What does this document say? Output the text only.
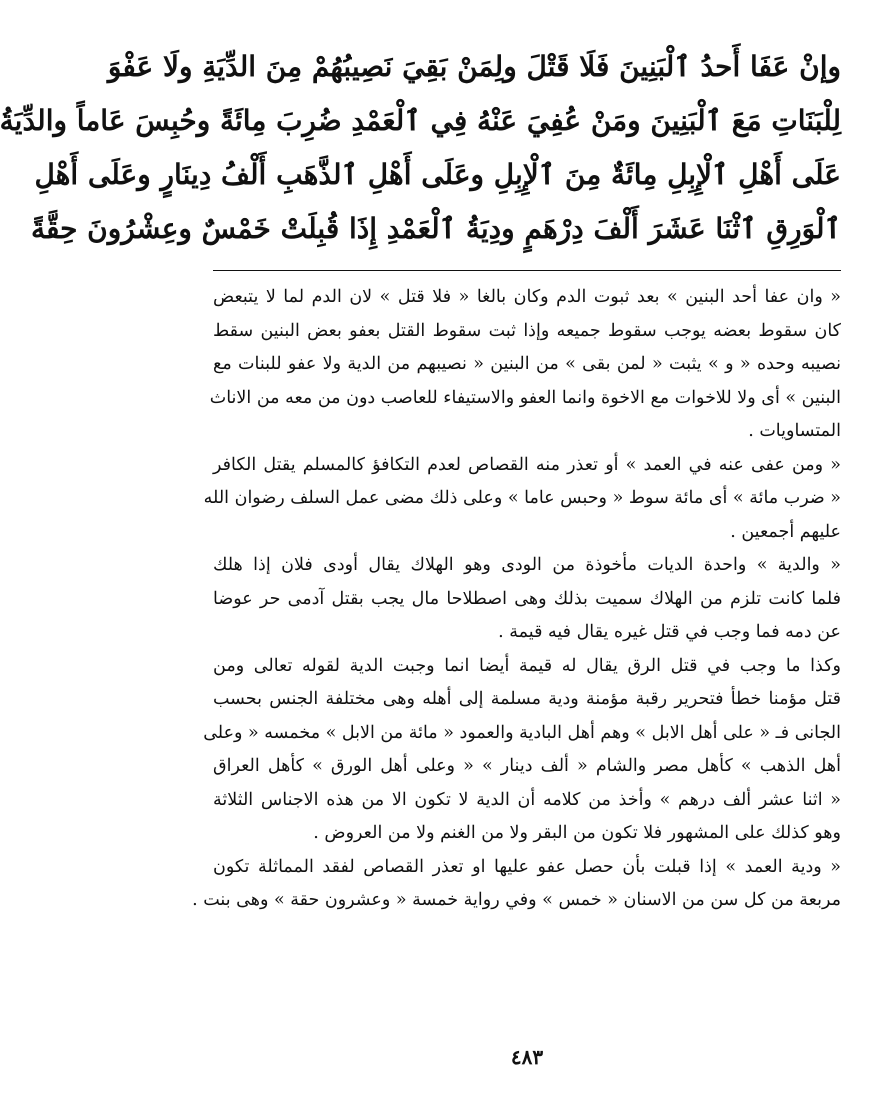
وإنْ عَفَا أَحدُ ٱلْبَنِينَ فَلَا قَتْلَ ولِمَنْ بَقِيَ نَصِيبُهُمْ مِنَ الدِّيَةِ ولَا عَفْوَ
لِلْبَنَاتِ مَعَ ٱلْبَنِينَ ومَنْ عُفِيَ عَنْهُ فِي ٱلْعَمْدِ ضُرِبَ مِائَةً وحُبِسَ عَاماً والدِّيَةُ
عَلَى أَهْلِ ٱلْإِبِلِ مِائَةٌ مِنَ ٱلْإِبِلِ وعَلَى أَهْلِ ٱلذَّهَبِ أَلْفُ دِينَارٍ وعَلَى أَهْلِ
ٱلْوَرِقِ ٱثْنَا عَشَرَ أَلْفَ دِرْهَمٍ ودِيَةُ ٱلْعَمْدِ إِذَا قُبِلَتْ خَمْسٌ وعِشْرُونَ حِقَّةً
« وان عفا أحد البنين » بعد ثبوت الدم وكان بالغا « فلا قتل » لان الدم لما لا يتبعض
كان سقوط بعضه يوجب سقوط جميعه وإذا ثبت سقوط القتل بعفو بعض البنين سقط
نصيبه وحده « و » يثبت « لمن بقى » من البنين « نصيبهم من الدية ولا عفو للبنات مع
البنين » أى ولا للاخوات مع الاخوة وانما العفو والاستيفاء للعاصب دون من معه من الاناث
المتساويات .
« ومن عفى عنه في العمد » أو تعذر منه القصاص لعدم التكافؤ كالمسلم يقتل الكافر
« ضرب مائة » أى مائة سوط « وحبس عاما » وعلى ذلك مضى عمل السلف رضوان الله
عليهم أجمعين .
« والدية » واحدة الديات مأخوذة من الودى وهو الهلاك يقال أودى فلان إذا هلك
فلما كانت تلزم من الهلاك سميت بذلك وهى اصطلاحا مال يجب بقتل آدمى حر عوضا
عن دمه فما وجب في قتل غيره يقال فيه قيمة .
وكذا ما وجب في قتل الرق يقال له قيمة أيضا انما وجبت الدية لقوله تعالى ومن
قتل مؤمنا خطأ فتحرير رقبة مؤمنة ودية مسلمة إلى أهله وهى مختلفة الجنس بحسب
الجانى فـ « على أهل الابل » وهم أهل البادية والعمود « مائة من الابل » مخمسه « وعلى
أهل الذهب » كأهل مصر والشام « ألف دينار » « وعلى أهل الورق » كأهل العراق
« اثنا عشر ألف درهم » وأخذ من كلامه أن الدية لا تكون الا من هذه الاجناس الثلاثة
وهو كذلك على المشهور فلا تكون من البقر ولا من الغنم ولا من العروض .
« ودية العمد » إذا قبلت بأن حصل عفو عليها او تعذر القصاص لفقد المماثلة تكون
مربعة من كل سن من الاسنان « خمس » وفي رواية خمسة « وعشرون حقة » وهى بنت .
٤٨٣
